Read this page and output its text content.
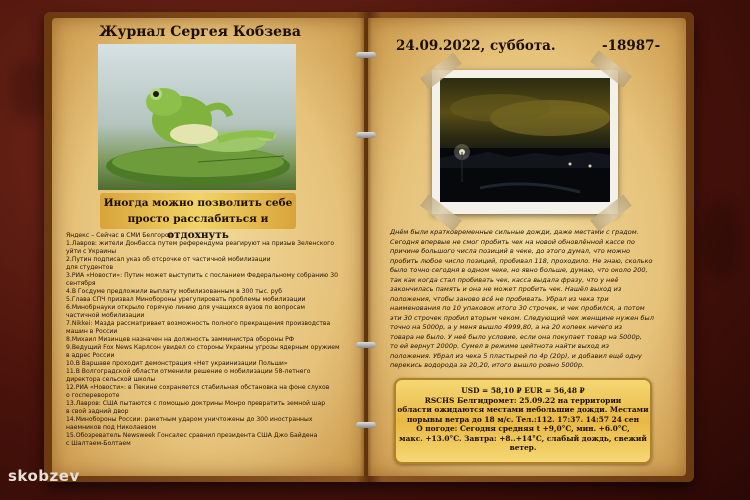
Журнал Сергея Кобзева
Иногда можно позволить себе
просто расслабиться и отдохнуть
Яндекс – Сейчас в СМИ Белгород
1.Лавров: жители Донбасса путем референдума реагируют на призыв Зеленского
уйти с Украины
2.Путин подписал указ об отсрочке от частичной мобилизации
для студентов
3.РИА «Новости»: Путин может выступить с посланием Федеральному собранию 30
сентября
4.В Госдуме предложили выплату мобилизованным в 300 тыс. руб
5.Глава СПЧ призвал Минобороны урегулировать проблемы мобилизации
6.Минобрнауки открыло горячую линию для учащихся вузов по вопросам
частичной мобилизации
7.Nikkei: Мазда рассматривает возможность полного прекращения производства
машин в России
8.Михаил Мизинцев назначен на должность замминистра обороны РФ
9.Ведущий Fox News Карлсон увидел со стороны Украины угрозы ядерным оружием
в адрес России
10.В Варшаве проходит демонстрация «Нет украинизации Польши»
11.В Волгоградской области отменили решение о мобилизации 58-летнего
директора сельской школы
12.РИА «Новости»: в Пекине сохраняется стабильная обстановка на фоне слухов
о госперевороте
13.Лавров: США пытаются с помощью доктрины Монро превратить земной шар
в свой задний двор
14.Минобороны России: ракетным ударом уничтожены до 300 иностранных
наемников под Николаевом
15.Обозреватель Newsweek Гонсалес сравнил президента США Джо Байдена
с Шалтаем-Болтаем
24.09.2022, суббота.	-18987-
Днём были кратковременные сильные дожди, даже местами с градом.
Сегодня впервые не смог пробить чек на новой обновлённой кассе по
причине большого числа позиций в чеке, до этого думал, что можно
пробить любое число позиций, пробивал 118, проходило. Не знаю, сколько
было точно сегодня в одном чеке, но явно больше, думаю, что около 200,
так как когда стал пробивать чек, касса выдала фразу, что у неё
закончилась память и она не может пробить чек. Нашёл выход из
положения, чтобы заново всё не пробивать. Убрал из чека три
наименования по 10 упаковок итого 30 строчек, и чек пробился, а потом
эти 30 строчек пробил вторым чеком. Следующий чек женщине нужен был
точно на 5000р, а у меня вышло 4999,80, а на 20 копеек ничего из
товара не было. У неё было условие, если она покупает товар на 5000р,
то ей вернут 2000р. Сумел в режиме цейтнота найти выход из
положения. Убрал из чека 5 пластырей по 4р (20р), и добавил ещё одну
перекись водорода за 20,20, итого вышло ровно 5000р.
USD = 58,10 ₽ EUR = 56,48 ₽
RSCHS Белгидромет: 25.09.22 на территории
области ожидаются местами небольшие дожди. Местами
порывы ветра до 18 м/с. Тел.:112. 17:37. 14:57 24 сен
О погоде: Сегодня средняя t +9,0°C, мин. +6.0°C,
макс. +13.0°C. Завтра: +8..+14°C, слабый дождь, свежий
ветер.
skobzev
